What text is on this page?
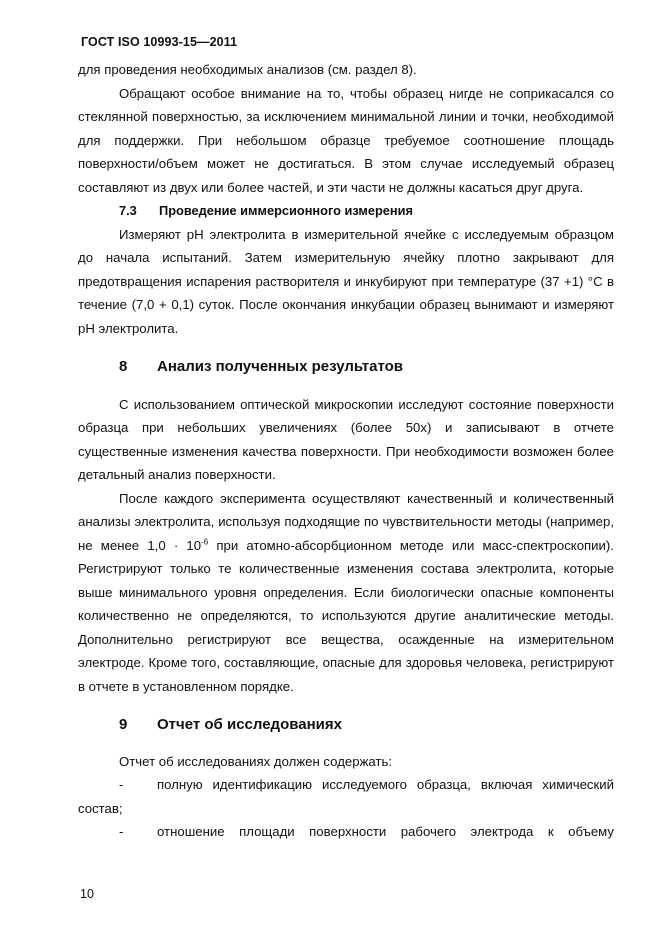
ГОСТ ISO 10993-15—2011

для проведения необходимых анализов (см. раздел 8).

Обращают особое внимание на то, чтобы образец нигде не соприкасался со стеклянной поверхностью, за исключением минимальной линии и точки, необходимой для поддержки. При небольшом образце требуемое соотношение площадь поверхности/объем может не достигаться. В этом случае исследуемый образец составляют из двух или более частей, и эти части не должны касаться друг друга.

7.3 Проведение иммерсионного измерения

Измеряют pH электролита в измерительной ячейке с исследуемым образцом до начала испытаний. Затем измерительную ячейку плотно закрывают для предотвращения испарения растворителя и инкубируют при температуре (37 +1) °С в течение (7,0 + 0,1) суток. После окончания инкубации образец вынимают и измеряют pH электролита.

8	Анализ полученных результатов

С использованием оптической микроскопии исследуют состояние поверхности образца при небольших увеличениях (более 50х) и записывают в отчете существенные изменения качества поверхности. При необходимости возможен более детальный анализ поверхности.

После каждого эксперимента осуществляют качественный и количественный анализы электролита, используя подходящие по чувствительности методы (например, не менее $1,0 \cdot 10^{-6}$ при атомно-абсорбционном методе или масс-спектроскопии). Регистрируют только те количественные изменения состава электролита, которые выше минимального уровня определения. Если биологически опасные компоненты количественно не определяются, то используются другие аналитические методы. Дополнительно регистрируют все вещества, осажденные на измерительном электроде. Кроме того, составляющие, опасные для здоровья человека, регистрируют в отчете в установленном порядке.

9	Отчет об исследованиях

Отчет об исследованиях должен содержать:

-	полную идентификацию исследуемого образца, включая химический состав;

-	отношение площади поверхности рабочего электрода к объему

10
